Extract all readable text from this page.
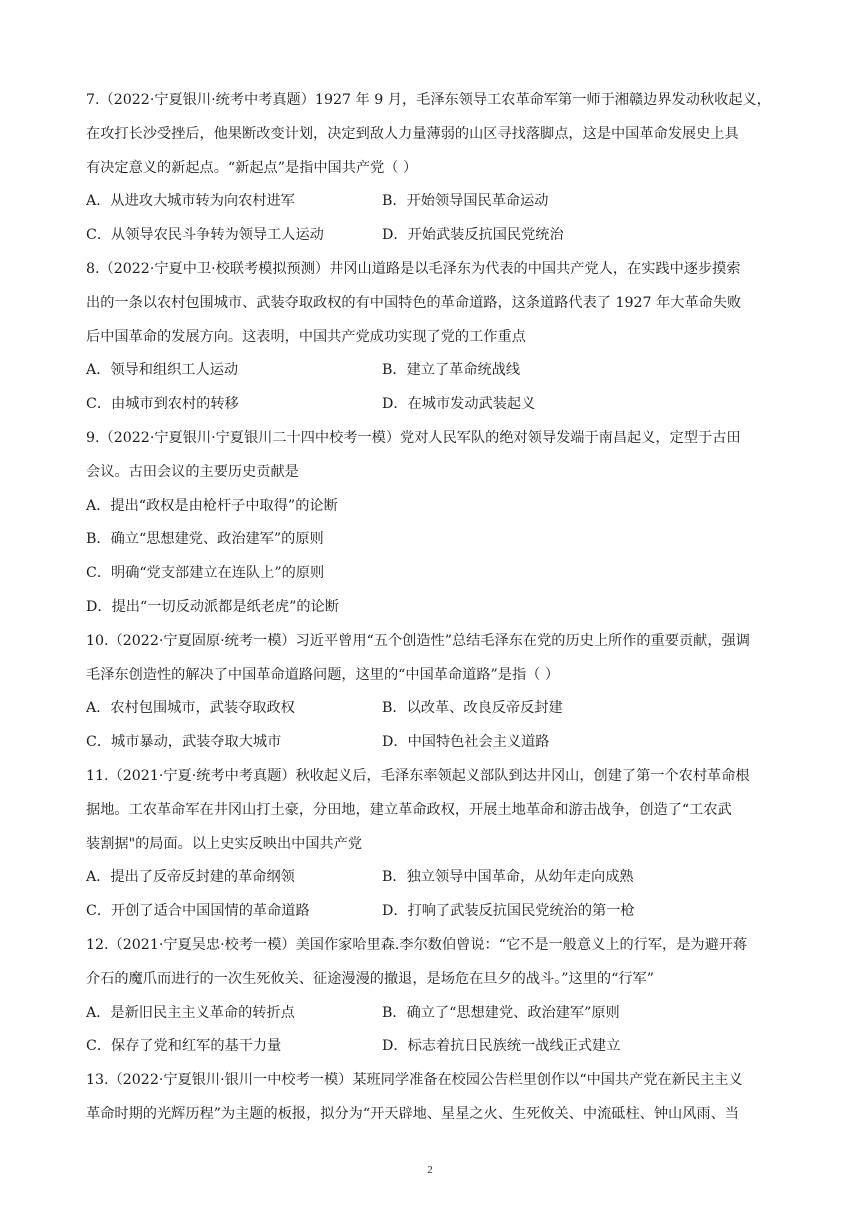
7.（2022·宁夏银川·统考中考真题）1927 年 9 月，毛泽东领导工农革命军第一师于湘赣边界发动秋收起义，
在攻打长沙受挫后，他果断改变计划，决定到敌人力量薄弱的山区寻找落脚点，这是中国革命发展史上具
有决定意义的新起点。“新起点”是指中国共产党（ ）
A．从进攻大城市转为向农村进军	B．开始领导国民革命运动
C．从领导农民斗争转为领导工人运动	D．开始武装反抗国民党统治
8.（2022·宁夏中卫·校联考模拟预测）井冈山道路是以毛泽东为代表的中国共产党人，在实践中逐步摸索
出的一条以农村包围城市、武装夺取政权的有中国特色的革命道路，这条道路代表了 1927 年大革命失败
后中国革命的发展方向。这表明，中国共产党成功实现了党的工作重点
A．领导和组织工人运动	B．建立了革命统战线
C．由城市到农村的转移	D．在城市发动武装起义
9.（2022·宁夏银川·宁夏银川二十四中校考一模）党对人民军队的绝对领导发端于南昌起义，定型于古田
会议。古田会议的主要历史贡献是
A．提出“政权是由枪杆子中取得”的论断
B．确立“思想建党、政治建军”的原则
C．明确“党支部建立在连队上”的原则
D．提出“一切反动派都是纸老虎”的论断
10.（2022·宁夏固原·统考一模）习近平曾用“五个创造性”总结毛泽东在党的历史上所作的重要贡献，强调
毛泽东创造性的解决了中国革命道路问题，这里的“中国革命道路”是指（ ）
A．农村包围城市，武装夺取政权	B．以改革、改良反帝反封建
C．城市暴动，武装夺取大城市	D．中国特色社会主义道路
11.（2021·宁夏·统考中考真题）秋收起义后，毛泽东率领起义部队到达井冈山，创建了第一个农村革命根
据地。工农革命军在井冈山打土豪，分田地，建立革命政权，开展土地革命和游击战争，创造了“工农武
装割据"的局面。以上史实反映出中国共产党
A．提出了反帝反封建的革命纲领	B．独立领导中国革命，从幼年走向成熟
C．开创了适合中国国情的革命道路	D．打响了武装反抗国民党统治的第一枪
12.（2021·宁夏吴忠·校考一模）美国作家哈里森.李尔数伯曾说：“它不是一般意义上的行军，是为避开蒋
介石的魔爪而进行的一次生死攸关、征途漫漫的撤退，是场危在旦夕的战斗。”这里的“行军”
A．是新旧民主主义革命的转折点	B．确立了“思想建党、政治建军”原则
C．保存了党和红军的基干力量	D．标志着抗日民族统一战线正式建立
13.（2022·宁夏银川·银川一中校考一模）某班同学准备在校园公告栏里创作以“中国共产党在新民主主义
革命时期的光辉历程”为主题的板报，拟分为“开天辟地、星星之火、生死攸关、中流砥柱、钟山风雨、当
2
